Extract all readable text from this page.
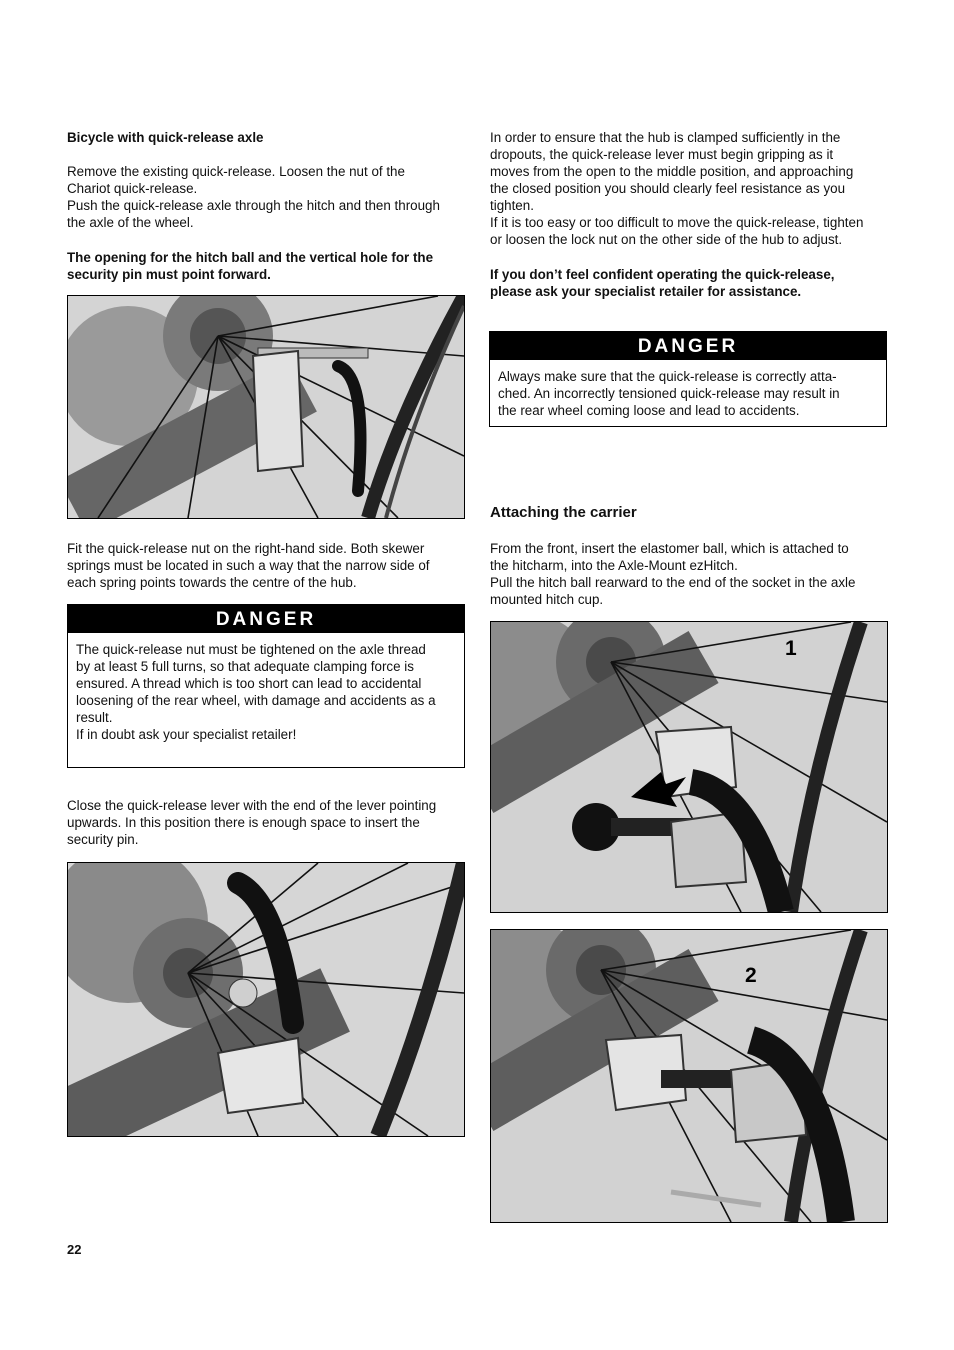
Bicycle with quick-release axle

Remove the existing quick-release. Loosen the nut of the

Chariot quick-release.

Push the quick-release axle through the hitch and then through

the axle of the wheel.

The opening for the hitch ball and the vertical hole for the

security pin must point forward.

Fit the quick-release nut on the right-hand side. Both skewer

springs must be located in such a way that the narrow side of

each spring points towards the centre of the hub.

DANGER

The quick-release nut must be tightened on the axle thread

by at least 5 full turns, so that adequate clamping force is

ensured. A thread which is too short can lead to accidental

loosening of the rear wheel, with damage and accidents as a

result.

If in doubt ask your specialist retailer!

Close the quick-release lever with the end of the lever pointing

upwards. In this position there is enough space to insert the

security pin.

22

In order to ensure that the hub is clamped sufficiently in the

dropouts, the quick-release lever must begin gripping as it

moves from the open to the middle position, and approaching

the closed position you should clearly feel resistance as you

tighten.

If it is too easy or too difficult to move the quick-release, tighten

or loosen the lock nut on the other side of the hub to adjust.

If you don’t feel confident operating the quick-release,

please ask your specialist retailer for assistance.

DANGER

Always make sure that the quick-release is correctly atta-

ched. An incorrectly tensioned quick-release may result in

the rear wheel coming loose and lead to accidents.

Attaching the carrier

From the front, insert the elastomer ball, which is attached to

the hitcharm, into the Axle-Mount ezHitch.

Pull the hitch ball rearward to the end of the socket in the axle

mounted hitch cup.

1
2
